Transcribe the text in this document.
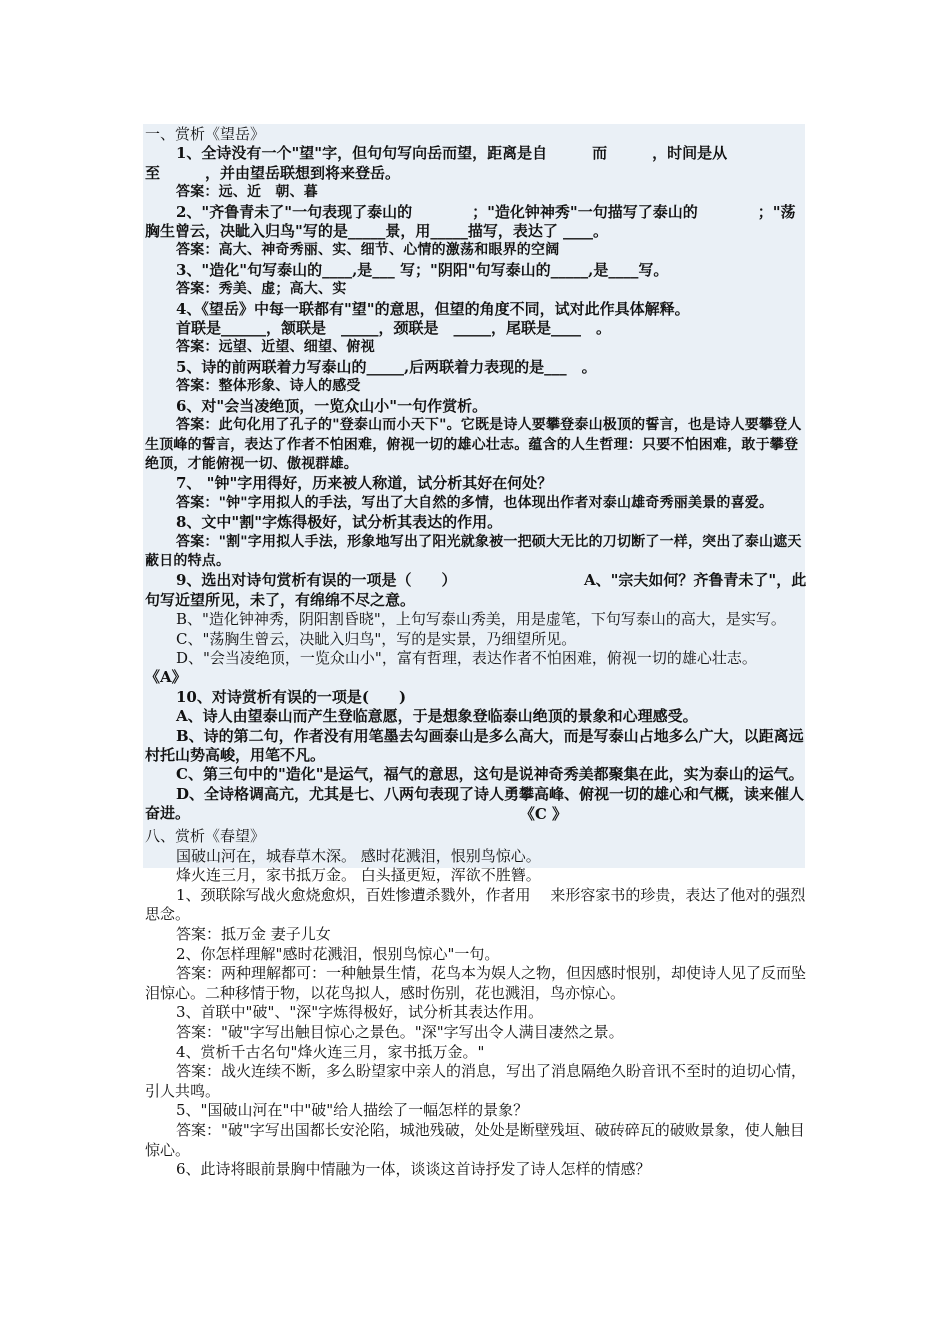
一、赏析《望岳》

1、全诗没有一个"望"字，但句句写向岳而望，距离是自　　　而　　　，时间是从　　　至　　　，并由望岳联想到将来登岳。

答案：远、近　朝、暮

2、"齐鲁青未了"一句表现了泰山的　　　　；"造化钟神秀"一句描写了泰山的　　　　；"荡胸生曾云，决眦入归鸟"写的是_____景，用_____描写，表达了 ____。

答案：高大、神奇秀丽、实、细节、心情的激荡和眼界的空阔

3、"造化"句写泰山的____,是___ 写；"阴阳"句写泰山的_____,是____写。

答案：秀美、虚；高大、实

4、《望岳》中每一联都有"望"的意思，但望的角度不同，试对此作具体解释。

首联是______，颔联是　_____，颈联是　_____，尾联是____　。

答案：远望、近望、细望、俯视

5、诗的前两联着力写泰山的_____,后两联着力表现的是___　。

答案：整体形象、诗人的感受

6、对"会当凌绝顶，一览众山小"一句作赏析。

答案：此句化用了孔子的"登泰山而小天下"。它既是诗人要攀登泰山极顶的誓言，也是诗人要攀登人生顶峰的誓言，表达了作者不怕困难，俯视一切的雄心壮志。蕴含的人生哲理：只要不怕困难，敢于攀登绝顶，才能俯视一切、傲视群雄。

7、 "钟"字用得好，历来被人称道，试分析其好在何处？

答案："钟"字用拟人的手法，写出了大自然的多情，也体现出作者对泰山雄奇秀丽美景的喜爱。

8、文中"割"字炼得极好，试分析其表达的作用。

答案："割"字用拟人手法，形象地写出了阳光就象被一把硕大无比的刀切断了一样，突出了泰山遮天蔽日的特点。

9、选出对诗句赏析有误的一项是（　　）　　　　　　　　　A、"宗夫如何？齐鲁青未了"，此句写近望所见，未了，有绵绵不尽之意。

B、"造化钟神秀，阴阳割昏晓"，上句写泰山秀美，用是虚笔，下句写泰山的高大，是实写。

C、"荡胸生曾云，决眦入归鸟"，写的是实景，乃细望所见。

D、"会当凌绝顶，一览众山小"，富有哲理，表达作者不怕困难，俯视一切的雄心壮志。

《A》

10、对诗赏析有误的一项是(　　)

A、诗人由望泰山而产生登临意愿，于是想象登临泰山绝顶的景象和心理感受。

B、诗的第二句，作者没有用笔墨去勾画泰山是多么高大，而是写泰山占地多么广大，以距离远村托山势高峻，用笔不凡。

C、第三句中的"造化"是运气，福气的意思，这句是说神奇秀美都聚集在此，实为泰山的运气。

D、全诗格调高亢，尤其是七、八两句表现了诗人勇攀高峰、俯视一切的雄心和气概，读来催人奋进。	《C 》

八、赏析《春望》

国破山河在，城春草木深。 感时花溅泪，恨别鸟惊心。

烽火连三月，家书抵万金。 白头搔更短，浑欲不胜簪。

1、颈联除写战火愈烧愈炽，百姓惨遭杀戮外，作者用　 来形容家书的珍贵，表达了他对的强烈思念。

答案：抵万金 妻子儿女

2、你怎样理解"感时花溅泪，恨别鸟惊心"一句。

答案：两种理解都可：一种触景生情，花鸟本为娱人之物，但因感时恨别，却使诗人见了反而坠泪惊心。二种移情于物，以花鸟拟人，感时伤别，花也溅泪，鸟亦惊心。

3、首联中"破"、"深"字炼得极好，试分析其表达作用。

答案："破"字写出触目惊心之景色。"深"字写出令人满目凄然之景。

4、赏析千古名句"烽火连三月，家书抵万金。"

答案：战火连续不断，多么盼望家中亲人的消息，写出了消息隔绝久盼音讯不至时的迫切心情，引人共鸣。

5、"国破山河在"中"破"给人描绘了一幅怎样的景象？

答案："破"字写出国都长安沦陷，城池残破，处处是断壁残垣、破砖碎瓦的破败景象，使人触目惊心。

6、此诗将眼前景胸中情融为一体，谈谈这首诗抒发了诗人怎样的情感？
